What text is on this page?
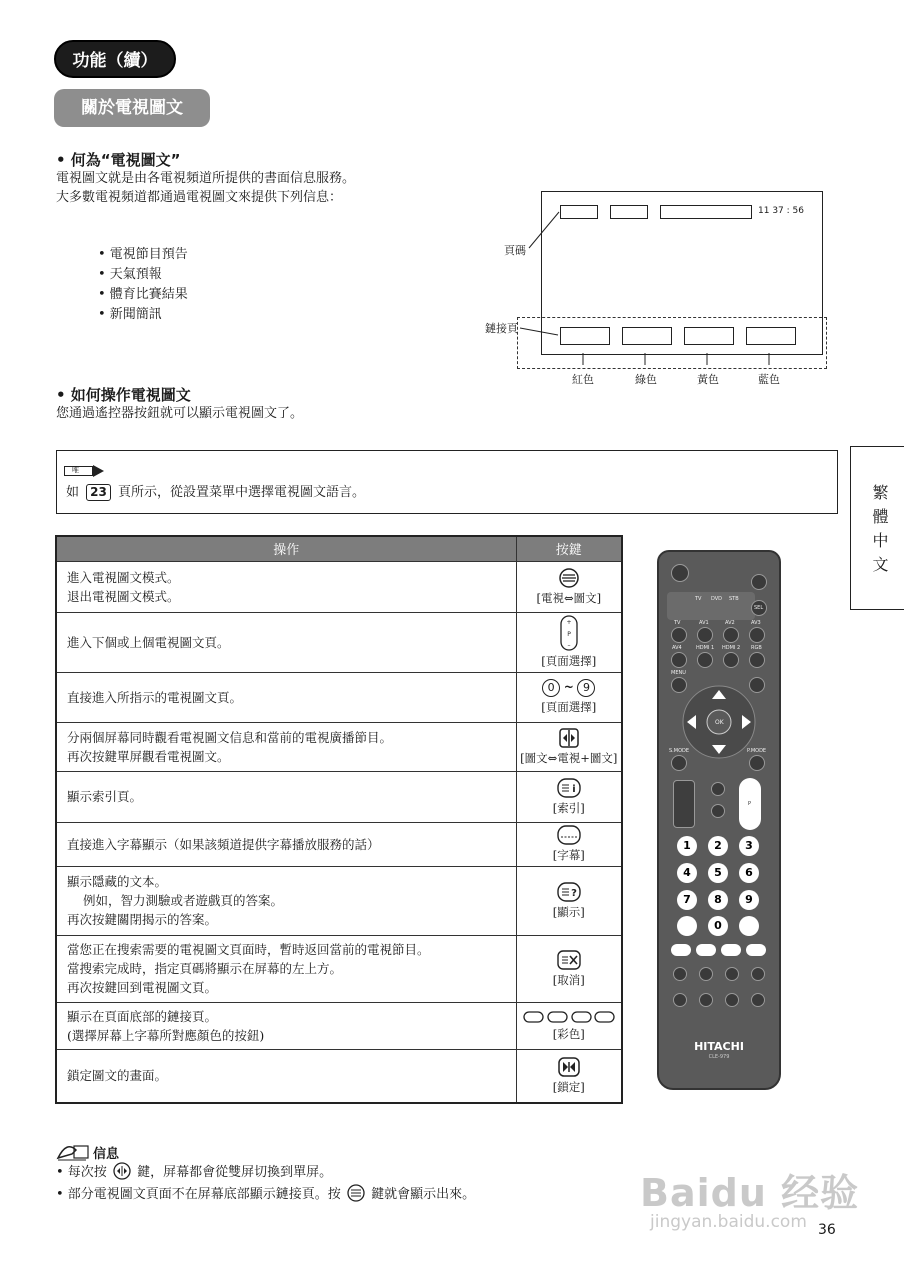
功能（續）
關於電視圖文
• 何為“電視圖文”
電視圖文就是由各電視頻道所提供的書面信息服務。
大多數電視頻道都通過電視圖文來提供下列信息：
• 電視節目預告
• 天氣預報
• 體育比賽結果
• 新聞簡訊
11 37 : 56
頁碼
鏈接頁
紅色	綠色	黃色	藍色
• 如何操作電視圖文
您通過遙控器按鈕就可以顯示電視圖文了。
唯
如 23 頁所示，從設置菜單中選擇電視圖文語言。	繁
體
中
文
操作	按鍵

進入電視圖文模式。
退出電視圖文模式。	[電視⇔圖文]

進入下個或上個電視圖文頁。	P
+
–
[頁面選擇]

直接進入所指示的電視圖文頁。	0 ~ 9
[頁面選擇]

分兩個屏幕同時觀看電視圖文信息和當前的電視廣播節目。
再次按鍵單屏觀看電視圖文。	[圖文⇔電視+圖文]

顯示索引頁。	i
[索引]

直接進入字幕顯示（如果該頻道提供字幕播放服務的話）	[字幕]

顯示隱藏的文本。
例如，智力測驗或者遊戲頁的答案。
再次按鍵關閉揭示的答案。	?
[顯示]

當您正在搜索需要的電視圖文頁面時，暫時返回當前的電視節目。
當搜索完成時，指定頁碼將顯示在屏幕的左上方。
再次按鍵回到電視圖文頁。	[取消]

顯示在頁面底部的鏈接頁。
(選擇屏幕上字幕所對應顏色的按鈕)	[彩色]

鎖定圖文的畫面。	[鎖定]
TV DVD STB
SEL
TV	AV1	AV2	AV3
AV4	HDMI 1 HDMI 2 RGB
MENU
OK
S.MODE	P.MODE
P
1	2	3
4	5	6
7	8	9
0
HITACHI
CLE-979
信息
• 每次按 鍵，屏幕都會從雙屏切換到單屏。
• 部分電視圖文頁面不在屏幕底部顯示鏈接頁。按 鍵就會顯示出來。	Baidu 经验
jingyan.baidu.com 36
